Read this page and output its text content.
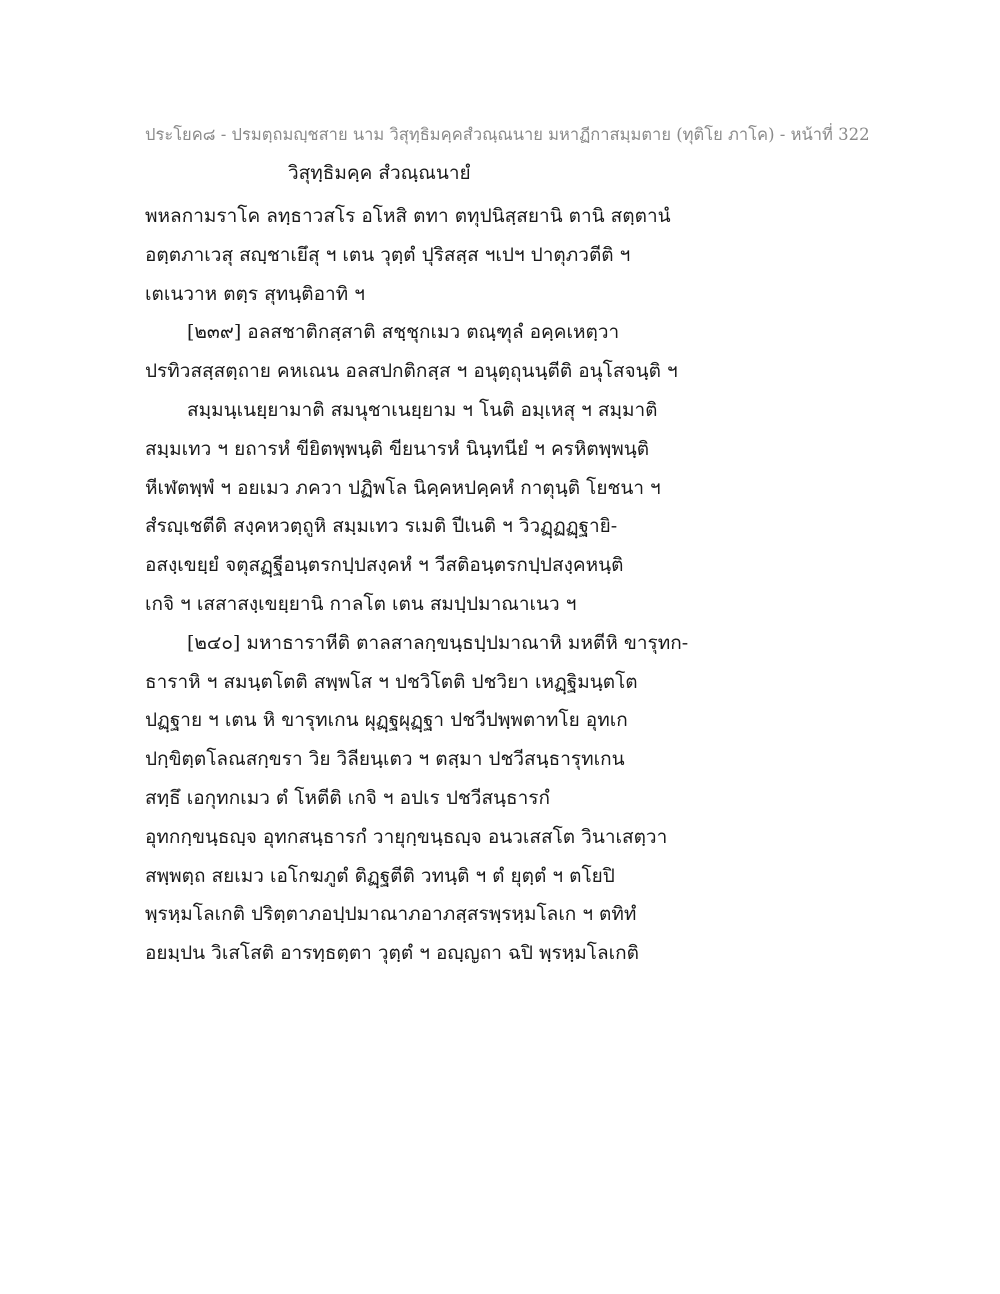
ประโยค๘ - ปรมตฺถมญฺชสาย นาม วิสุทฺธิมคฺคสํวณฺณนาย มหาฏีกาสมฺมตาย (ทุติโย ภาโค) - หน้าที่ 322
วิสุทฺธิมคฺค สํวณฺณนายํ
พหลกามราโค ลทฺธาวสโร อโหสิ ตทา ตทุปนิสฺสยานิ ตานิ สตฺตานํ
อตฺตภาเวสุ สญฺชาเยึสุ ฯ เตน วุตฺตํ ปุริสสฺส ฯเปฯ ปาตุภวตีติ ฯ
เตเนวาห ตตฺร สุทนฺติอาทิ ฯ
[๒๓๙] อลสชาติกสฺสาติ สชฺชุกเมว ตณฺฑุลํ อคฺคเหตฺวา
ปรทิวสสฺสตฺถาย คหเณน อลสปกติกสฺส ฯ อนุตฺถุนนฺตีติ อนุโสจนฺติ ฯ
สมฺมนฺเนยฺยามาติ สมนุชาเนยฺยาม ฯ โนติ อมฺเหสุ ฯ สมฺมาติ
สมฺมเทว ฯ ยถารหํ ขียิตพฺพนฺติ ขียนารหํ นินฺทนียํ ฯ ครหิตพฺพนฺติ
หีเฬตพฺพํ ฯ อยเมว ภควา ปฏิพโล นิคฺคหปคฺคหํ กาตุนฺติ โยชนา ฯ
สํรญฺเชตีติ สงฺคหวตฺถูหิ สมฺมเทว รเมติ ปีเนติ ฯ วิวฏฺฏฏฺฐายิ-
อสงฺเขยฺยํ จตุสฏฺฐีอนฺตรกปฺปสงฺคหํ ฯ วีสติอนฺตรกปฺปสงฺคหนฺติ
เกจิ ฯ เสสาสงฺเขยฺยานิ กาลโต เตน สมปฺปมาณาเนว ฯ
[๒๔๐] มหาธาราหีติ ตาลสาลกฺขนฺธปฺปมาณาหิ มหตีหิ ขารุทก-
ธาราหิ ฯ สมนฺตโตติ สพฺพโส ฯ ปชวิโตติ ปชวิยา เหฏฺฐิมนฺตโต
ปฏฺฐาย ฯ เตน หิ ขารุทเกน ผุฏฺฐผุฏฺฐา ปชวีปพฺพตาทโย อุทเก
ปกฺขิตฺตโลณสกฺขรา วิย วิลียนฺเตว ฯ ตสฺมา ปชวีสนฺธารุทเกน
สทฺธึ เอกุทกเมว ตํ โหตีติ เกจิ ฯ อปเร ปชวีสนฺธารกํ
อุทกกฺขนฺธญฺจ อุทกสนฺธารกํ วายุกฺขนฺธญฺจ อนวเสสโต วินาเสตฺวา
สพฺพตฺถ สยเมว เอโกฆภูตํ ติฏฺฐตีติ วทนฺติ ฯ ตํ ยุตฺตํ ฯ ตโยปิ
พฺรหฺมโลเกติ ปริตฺตาภอปฺปมาณาภอาภสฺสรพฺรหฺมโลเก ฯ ตทิทํ
อยมฺปน วิเสโสติ อารทฺธตฺตา วุตฺตํ ฯ อญฺญถา ฉปิ พฺรหฺมโลเกติ
